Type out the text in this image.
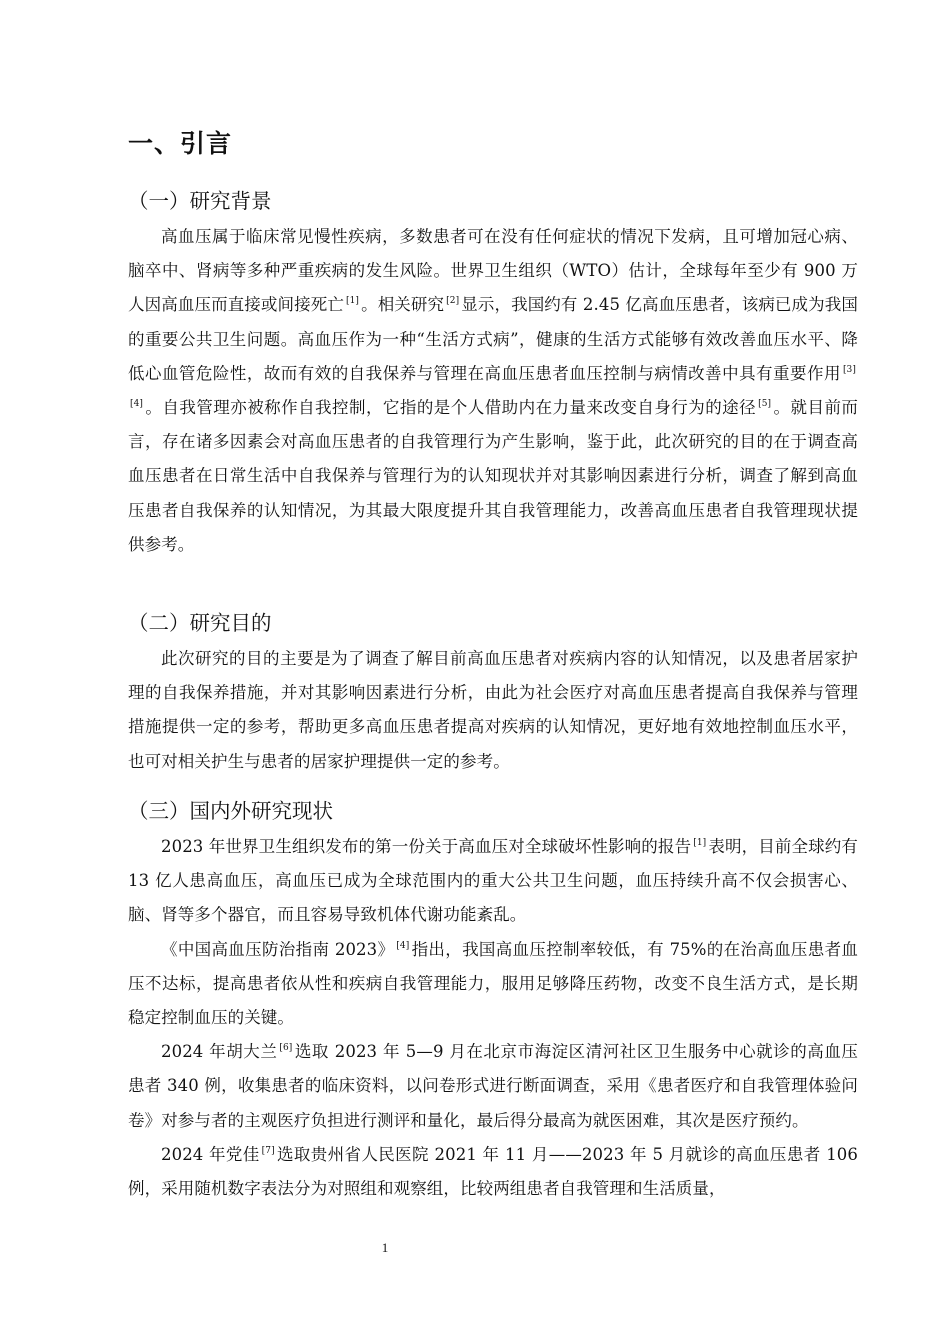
一、引言
（一）研究背景

高血压属于临床常见慢性疾病，多数患者可在没有任何症状的情况下发病，且可增加冠心病、脑卒中、肾病等多种严重疾病的发生风险。世界卫生组织（WTO）估计，全球每年至少有 900 万人因高血压而直接或间接死亡 [1] 。相关研究 [2] 显示，我国约有 2.45 亿高血压患者，该病已成为我国的重要公共卫生问题。高血压作为一种“生活方式病”，健康的生活方式能够有效改善血压水平、降低心血管危险性，故而有效的自我保养与管理在高血压患者血压控制与病情改善中具有重要作用 [3][4] 。自我管理亦被称作自我控制，它指的是个人借助内在力量来改变自身行为的途径 [5] 。就目前而言，存在诸多因素会对高血压患者的自我管理行为产生影响，鉴于此，此次研究的目的在于调查高血压患者在日常生活中自我保养与管理行为的认知现状并对其影响因素进行分析，调查了解到高血压患者自我保养的认知情况，为其最大限度提升其自我管理能力，改善高血压患者自我管理现状提供参考。

（二）研究目的

此次研究的目的主要是为了调查了解目前高血压患者对疾病内容的认知情况，以及患者居家护理的自我保养措施，并对其影响因素进行分析，由此为社会医疗对高血压患者提高自我保养与管理措施提供一定的参考，帮助更多高血压患者提高对疾病的认知情况，更好地有效地控制血压水平，也可对相关护生与患者的居家护理提供一定的参考。

（三）国内外研究现状

2023 年世界卫生组织发布的第一份关于高血压对全球破坏性影响的报告 [1] 表明，目前全球约有 13 亿人患高血压，高血压已成为全球范围内的重大公共卫生问题，血压持续升高不仅会损害心、脑、肾等多个器官，而且容易导致机体代谢功能紊乱。

《中国高血压防治指南 2023》 [4] 指出，我国高血压控制率较低，有 75%的在治高血压患者血压不达标，提高患者依从性和疾病自我管理能力，服用足够降压药物，改变不良生活方式，是长期稳定控制血压的关键。

2024 年胡大兰 [6] 选取 2023 年 5—9 月在北京市海淀区清河社区卫生服务中心就诊的高血压患者 340 例，收集患者的临床资料，以问卷形式进行断面调查，采用《患者医疗和自我管理体验问卷》对参与者的主观医疗负担进行测评和量化，最后得分最高为就医困难，其次是医疗预约。

2024 年党佳 [7] 选取贵州省人民医院 2021 年 11 月——2023 年 5 月就诊的高血压患者 106 例，采用随机数字表法分为对照组和观察组，比较两组患者自我管理和生活质量，

1
